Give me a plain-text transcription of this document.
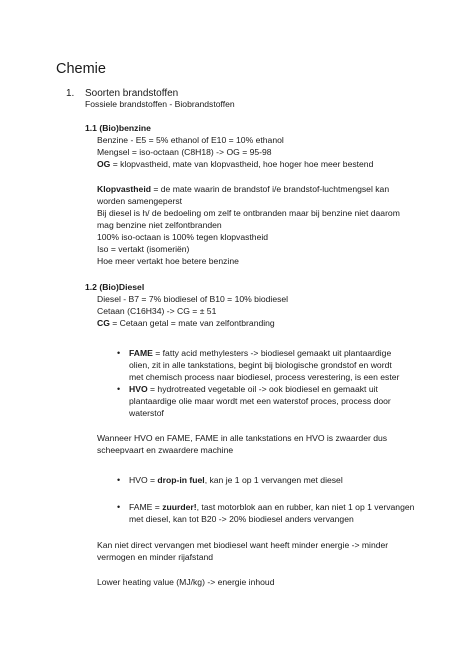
Chemie
1. Soorten brandstoffen
Fossiele brandstoffen - Biobrandstoffen
1.1 (Bio)benzine
Benzine - E5 = 5% ethanol of E10 = 10% ethanol
Mengsel = iso-octaan (C8H18) -> OG = 95-98
OG = klopvastheid, mate van klopvastheid, hoe hoger hoe meer bestend
Klopvastheid = de mate waarin de brandstof i/e brandstof-luchtmengsel kan
worden samengeperst
Bij diesel is h/ de bedoeling om zelf te ontbranden maar bij benzine niet daarom
mag benzine niet zelfontbranden
100% iso-octaan is 100% tegen klopvastheid
Iso = vertakt (isomeriën)
Hoe meer vertakt hoe betere benzine
1.2 (Bio)Diesel
Diesel - B7 = 7% biodiesel of B10 = 10% biodiesel
Cetaan (C16H34) -> CG = ± 51
CG = Cetaan getal = mate van zelfontbranding
• FAME = fatty acid methylesters -> biodiesel gemaakt uit plantaardige
olien, zit in alle tankstations, begint bij biologische grondstof en wordt
met chemisch process naar biodiesel, process verestering, is een ester
• HVO = hydrotreated vegetable oil -> ook biodiesel en gemaakt uit
plantaardige olie maar wordt met een waterstof proces, process door
waterstof
Wanneer HVO en FAME, FAME in alle tankstations en HVO is zwaarder dus
scheepvaart en zwaardere machine
• HVO = drop-in fuel, kan je 1 op 1 vervangen met diesel
• FAME = zuurder!, tast motorblok aan en rubber, kan niet 1 op 1 vervangen
met diesel, kan tot B20 -> 20% biodiesel anders vervangen
Kan niet direct vervangen met biodiesel want heeft minder energie -> minder
vermogen en minder rijafstand
Lower heating value (MJ/kg) -> energie inhoud
